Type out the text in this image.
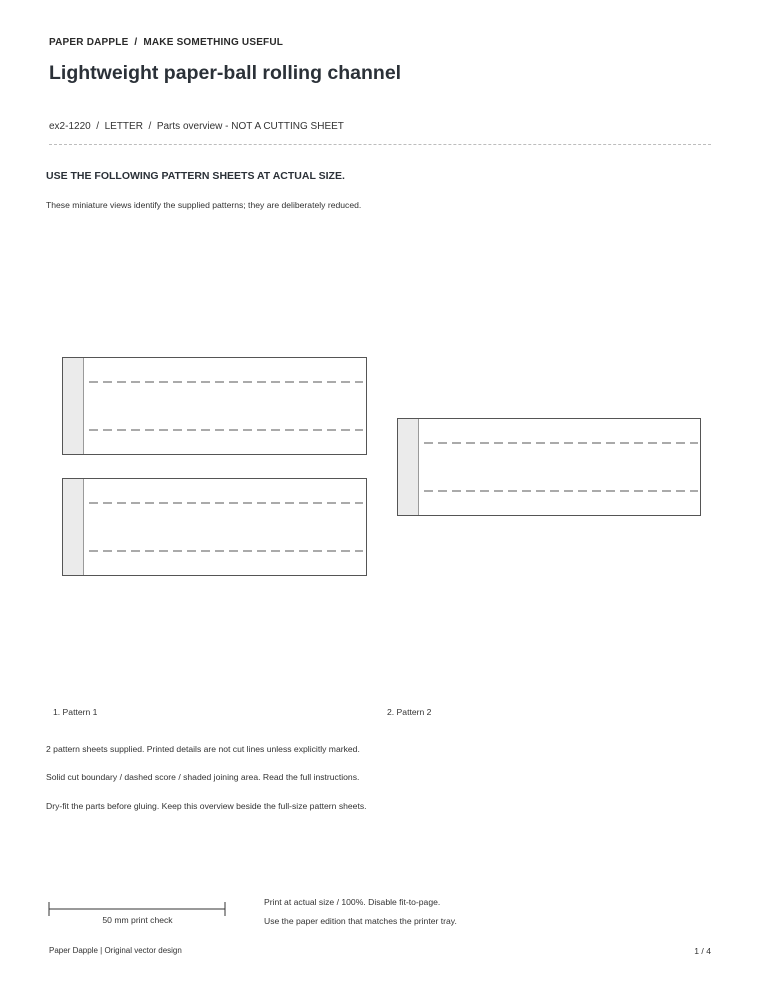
PAPER DAPPLE  /  MAKE SOMETHING USEFUL
Lightweight paper-ball rolling channel
ex2-1220  /  LETTER  /  Parts overview - NOT A CUTTING SHEET
USE THE FOLLOWING PATTERN SHEETS AT ACTUAL SIZE.
These miniature views identify the supplied patterns; they are deliberately reduced.
1. Pattern 1	2. Pattern 2
2 pattern sheets supplied. Printed details are not cut lines unless explicitly marked.
Solid cut boundary / dashed score / shaded joining area. Read the full instructions.
Dry-fit the parts before gluing. Keep this overview beside the full-size pattern sheets.
50 mm print check
Print at actual size / 100%. Disable fit-to-page.
Use the paper edition that matches the printer tray.
Paper Dapple | Original vector design	1 / 4
